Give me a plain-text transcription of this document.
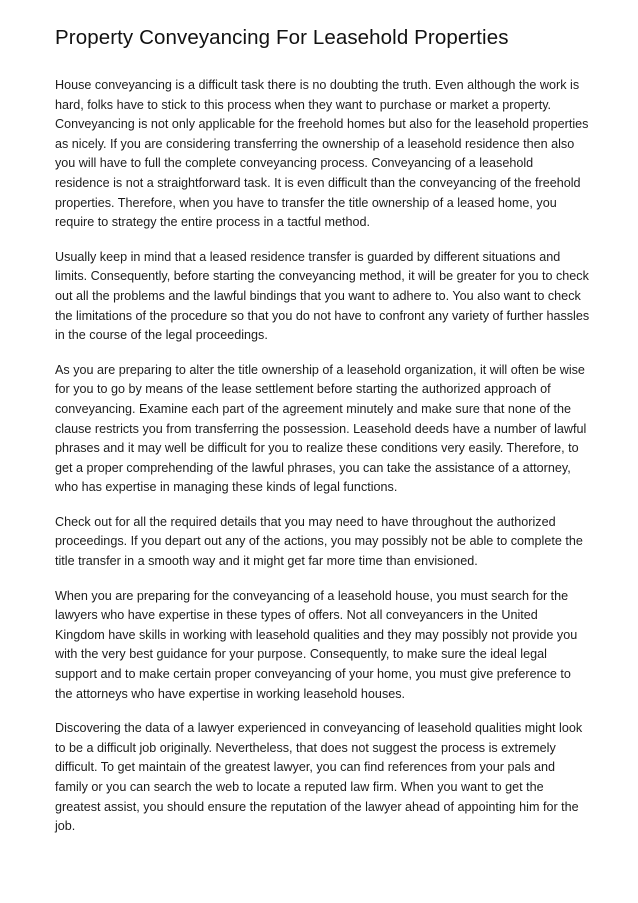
Property Conveyancing For Leasehold Properties

House conveyancing is a difficult task there is no doubting the truth. Even although the work is hard, folks have to stick to this process when they want to purchase or market a property. Conveyancing is not only applicable for the freehold homes but also for the leasehold properties as nicely. If you are considering transferring the ownership of a leasehold residence then also you will have to full the complete conveyancing process. Conveyancing of a leasehold residence is not a straightforward task. It is even difficult than the conveyancing of the freehold properties. Therefore, when you have to transfer the title ownership of a leased home, you require to strategy the entire process in a tactful method.

Usually keep in mind that a leased residence transfer is guarded by different situations and limits. Consequently, before starting the conveyancing method, it will be greater for you to check out all the problems and the lawful bindings that you want to adhere to. You also want to check the limitations of the procedure so that you do not have to confront any variety of further hassles in the course of the legal proceedings.

As you are preparing to alter the title ownership of a leasehold organization, it will often be wise for you to go by means of the lease settlement before starting the authorized approach of conveyancing. Examine each part of the agreement minutely and make sure that none of the clause restricts you from transferring the possession. Leasehold deeds have a number of lawful phrases and it may well be difficult for you to realize these conditions very easily. Therefore, to get a proper comprehending of the lawful phrases, you can take the assistance of a attorney, who has expertise in managing these kinds of legal functions.

Check out for all the required details that you may need to have throughout the authorized proceedings. If you depart out any of the actions, you may possibly not be able to complete the title transfer in a smooth way and it might get far more time than envisioned.

When you are preparing for the conveyancing of a leasehold house, you must search for the lawyers who have expertise in these types of offers. Not all conveyancers in the United Kingdom have skills in working with leasehold qualities and they may possibly not provide you with the very best guidance for your purpose. Consequently, to make sure the ideal legal support and to make certain proper conveyancing of your home, you must give preference to the attorneys who have expertise in working leasehold houses.

Discovering the data of a lawyer experienced in conveyancing of leasehold qualities might look to be a difficult job originally. Nevertheless, that does not suggest the process is extremely difficult. To get maintain of the greatest lawyer, you can find references from your pals and family or you can search the web to locate a reputed law firm. When you want to get the greatest assist, you should ensure the reputation of the lawyer ahead of appointing him for the job.
